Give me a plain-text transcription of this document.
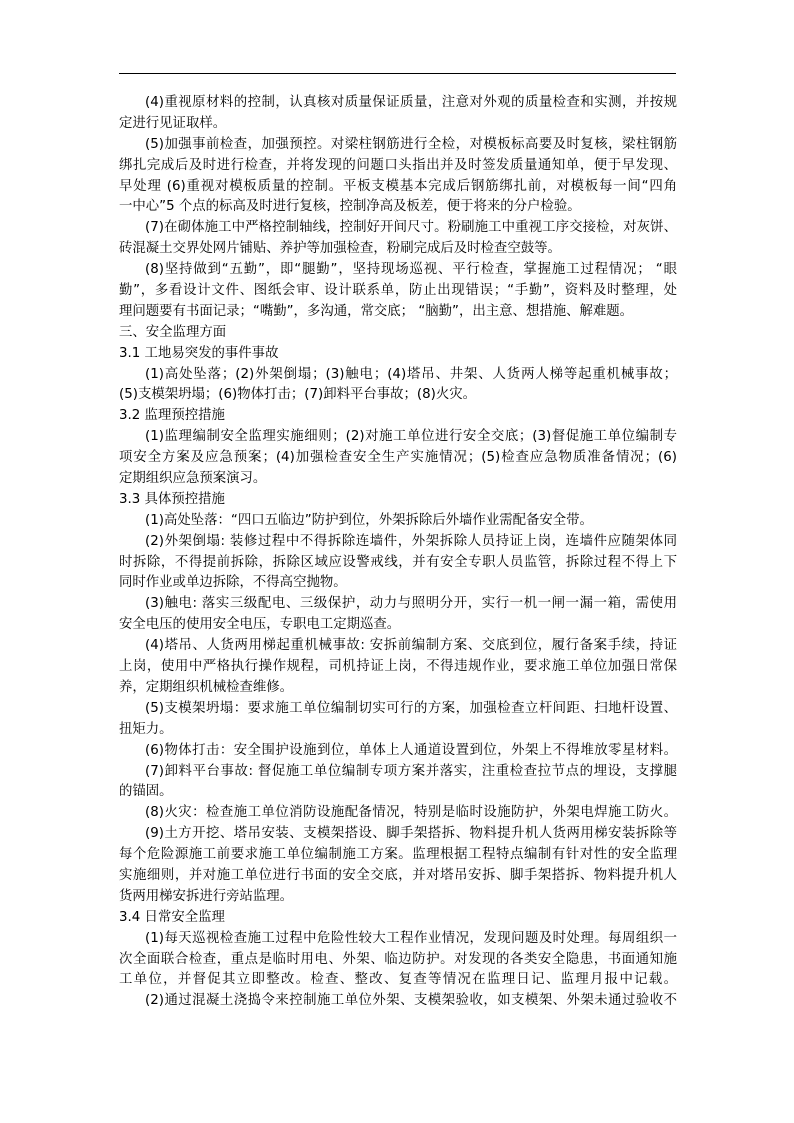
(4)重视原材料的控制，认真核对质量保证质量，注意对外观的质量检查和实测，并按规
定进行见证取样。
(5)加强事前检查，加强预控。对梁柱钢筋进行全检，对模板标高要及时复核，梁柱钢筋
绑扎完成后及时进行检查，并将发现的问题口头指出并及时签发质量通知单，便于早发现、
早处理 (6)重视对模板质量的控制。平板支模基本完成后钢筋绑扎前，对模板每一间“四角
一中心”5 个点的标高及时进行复核，控制净高及板差，便于将来的分户检验。
(7)在砌体施工中严格控制轴线，控制好开间尺寸。粉刷施工中重视工序交接检，对灰饼、
砖混凝土交界处网片铺贴、养护等加强检查，粉刷完成后及时检查空鼓等。
(8)坚持做到“五勤”，即“腿勤”，坚持现场巡视、平行检查，掌握施工过程情况； “眼
勤”，多看设计文件、图纸会审、设计联系单，防止出现错误；“手勤”，资料及时整理，处
理问题要有书面记录；“嘴勤”，多沟通，常交底； “脑勤”，出主意、想措施、解难题。
三、安全监理方面
3.1 工地易突发的事件事故
(1)高处坠落；(2)外架倒塌；(3)触电；(4)塔吊、井架、人货两人梯等起重机械事故；
(5)支模架坍塌；(6)物体打击；(7)卸料平台事故；(8)火灾。
3.2 监理预控措施
(1)监理编制安全监理实施细则；(2)对施工单位进行安全交底；(3)督促施工单位编制专
项安全方案及应急预案；(4)加强检查安全生产实施情况；(5)检查应急物质准备情况；(6)
定期组织应急预案演习。
3.3 具体预控措施
(1)高处坠落：“四口五临边”防护到位，外架拆除后外墙作业需配备安全带。
(2)外架倒塌: 装修过程中不得拆除连墙件，外架拆除人员持证上岗，连墙件应随架体同
时拆除，不得提前拆除，拆除区域应设警戒线，并有安全专职人员监管，拆除过程不得上下
同时作业或单边拆除，不得高空抛物。
(3)触电: 落实三级配电、三级保护，动力与照明分开，实行一机一闸一漏一箱，需使用
安全电压的使用安全电压，专职电工定期巡查。
(4)塔吊、人货两用梯起重机械事故: 安拆前编制方案、交底到位，履行备案手续，持证
上岗，使用中严格执行操作规程，司机持证上岗，不得违规作业，要求施工单位加强日常保
养，定期组织机械检查维修。
(5)支模架坍塌：要求施工单位编制切实可行的方案，加强检查立杆间距、扫地杆设置、
扭矩力。
(6)物体打击：安全围护设施到位，单体上人通道设置到位，外架上不得堆放零星材料。
(7)卸料平台事故: 督促施工单位编制专项方案并落实，注重检查拉节点的埋设，支撑腿
的锚固。
(8)火灾：检查施工单位消防设施配备情况，特别是临时设施防护，外架电焊施工防火。
(9)土方开挖、塔吊安装、支模架搭设、脚手架搭拆、物料提升机人货两用梯安装拆除等
每个危险源施工前要求施工单位编制施工方案。监理根据工程特点编制有针对性的安全监理
实施细则，并对施工单位进行书面的安全交底，并对塔吊安拆、脚手架搭拆、物料提升机人
货两用梯安拆进行旁站监理。
3.4 日常安全监理
(1)每天巡视检查施工过程中危险性较大工程作业情况，发现问题及时处理。每周组织一
次全面联合检查，重点是临时用电、外架、临边防护。对发现的各类安全隐患，书面通知施
工单位，并督促其立即整改。检查、整改、复查等情况在监理日记、监理月报中记载。
(2)通过混凝土浇捣令来控制施工单位外架、支模架验收，如支模架、外架未通过验收不
